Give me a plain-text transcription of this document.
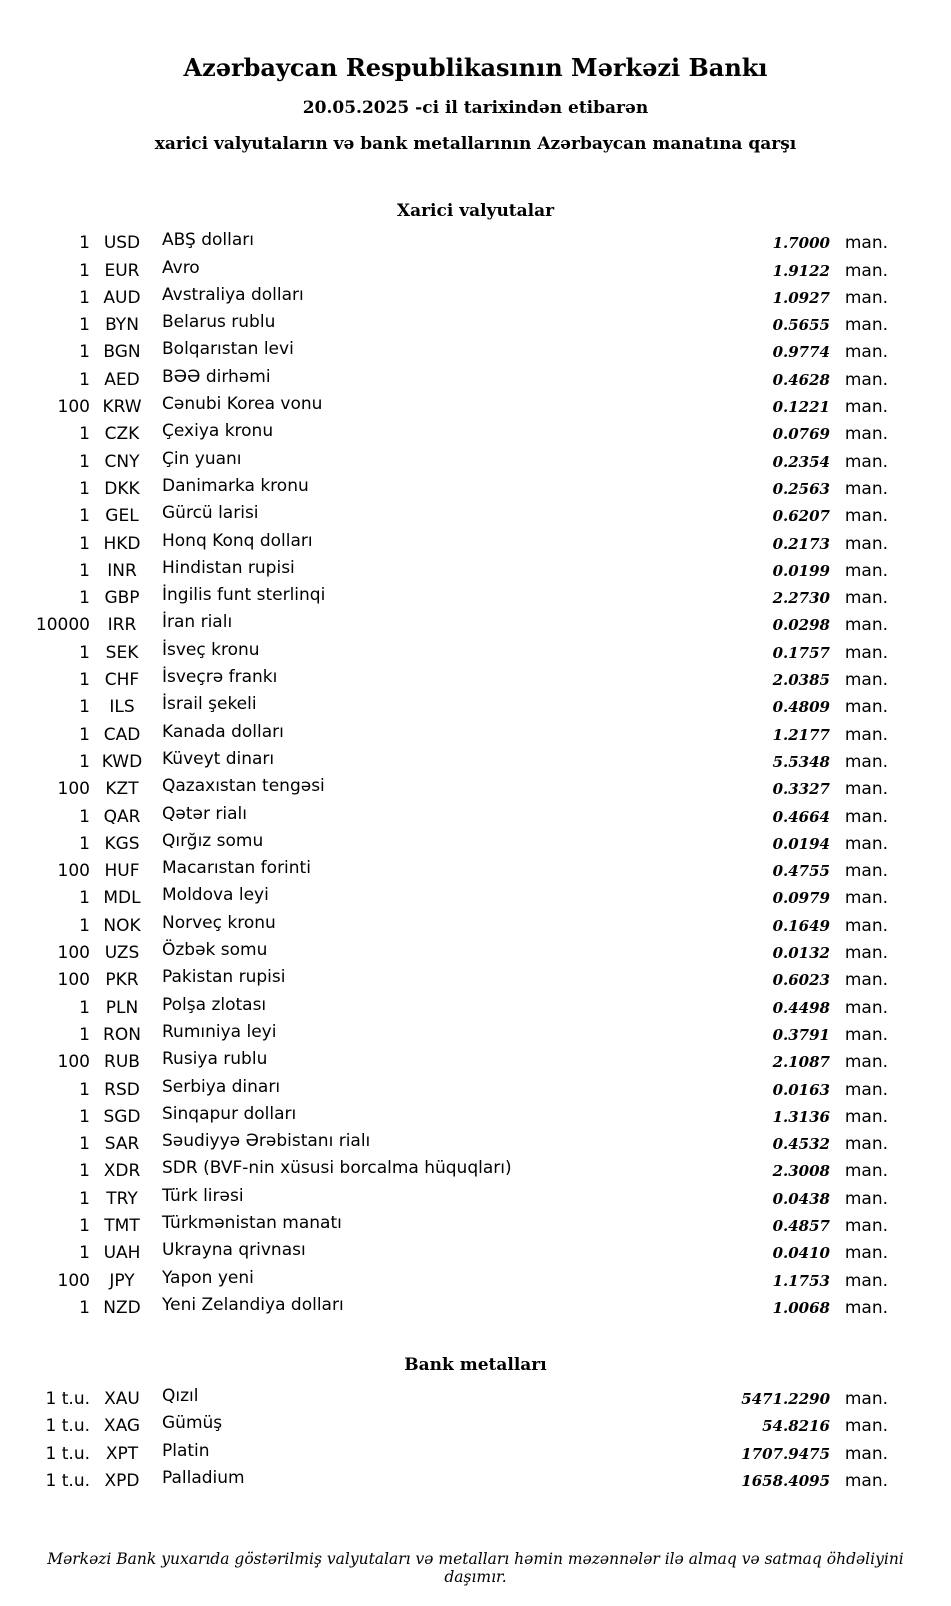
Azərbaycan Respublikasının Mərkəzi Bankı
20.05.2025 -ci il tarixindən etibarən
xarici valyutaların və bank metallarının Azərbaycan manatına qarşı
Xarici valyutalar
1 USD	ABŞ dolları	1.7000 man.
1 EUR	Avro	1.9122 man.
1 AUD	Avstraliya dolları	1.0927 man.
1 BYN	Belarus rublu	0.5655 man.
1 BGN	Bolqarıstan levi	0.9774 man.
1 AED	BƏƏ dirhəmi	0.4628 man.
100 KRW	Cənubi Korea vonu	0.1221 man.
1 CZK	Çexiya kronu	0.0769 man.
1 CNY	Çin yuanı	0.2354 man.
1 DKK	Danimarka kronu	0.2563 man.
1 GEL	Gürcü larisi	0.6207 man.
1 HKD	Honq Konq dolları	0.2173 man.
1	INR	Hindistan rupisi	0.0199 man.
1 GBP	İngilis funt sterlinqi	2.2730 man.
10000	IRR	İran rialı	0.0298 man.
1 SEK	İsveç kronu	0.1757 man.
1 CHF	İsveçrə frankı	2.0385 man.
1	ILS	İsrail şekeli	0.4809 man.
1 CAD	Kanada dolları	1.2177 man.
1 KWD	Küveyt dinarı	5.5348 man.
100 KZT	Qazaxıstan tengəsi	0.3327 man.
1 QAR	Qətər rialı	0.4664 man.
1 KGS	Qırğız somu	0.0194 man.
100 HUF	Macarıstan forinti	0.4755 man.
1 MDL	Moldova leyi	0.0979 man.
1 NOK	Norveç kronu	0.1649 man.
100 UZS	Özbək somu	0.0132 man.
100 PKR	Pakistan rupisi	0.6023 man.
1 PLN	Polşa zlotası	0.4498 man.
1 RON	Rumıniya leyi	0.3791 man.
100 RUB	Rusiya rublu	2.1087 man.
1 RSD	Serbiya dinarı	0.0163 man.
1 SGD	Sinqapur dolları	1.3136 man.
1 SAR	Səudiyyə Ərəbistanı rialı	0.4532 man.
1 XDR	SDR (BVF-nin xüsusi borcalma hüquqları)	2.3008 man.
1 TRY	Türk lirəsi	0.0438 man.
1 TMT	Türkmənistan manatı	0.4857 man.
1 UAH	Ukrayna qrivnası	0.0410 man.
100	JPY	Yapon yeni	1.1753 man.
1 NZD	Yeni Zelandiya dolları	1.0068 man.
Bank metalları
1 t.u. XAU	Qızıl	5471.2290 man.
1 t.u. XAG	Gümüş	54.8216 man.
1 t.u. XPT	Platin	1707.9475 man.
1 t.u. XPD	Palladium	1658.4095 man.
Mərkəzi Bank yuxarıda göstərilmiş valyutaları və metalları həmin məzənnələr ilə almaq və satmaq öhdəliyini daşımır.
